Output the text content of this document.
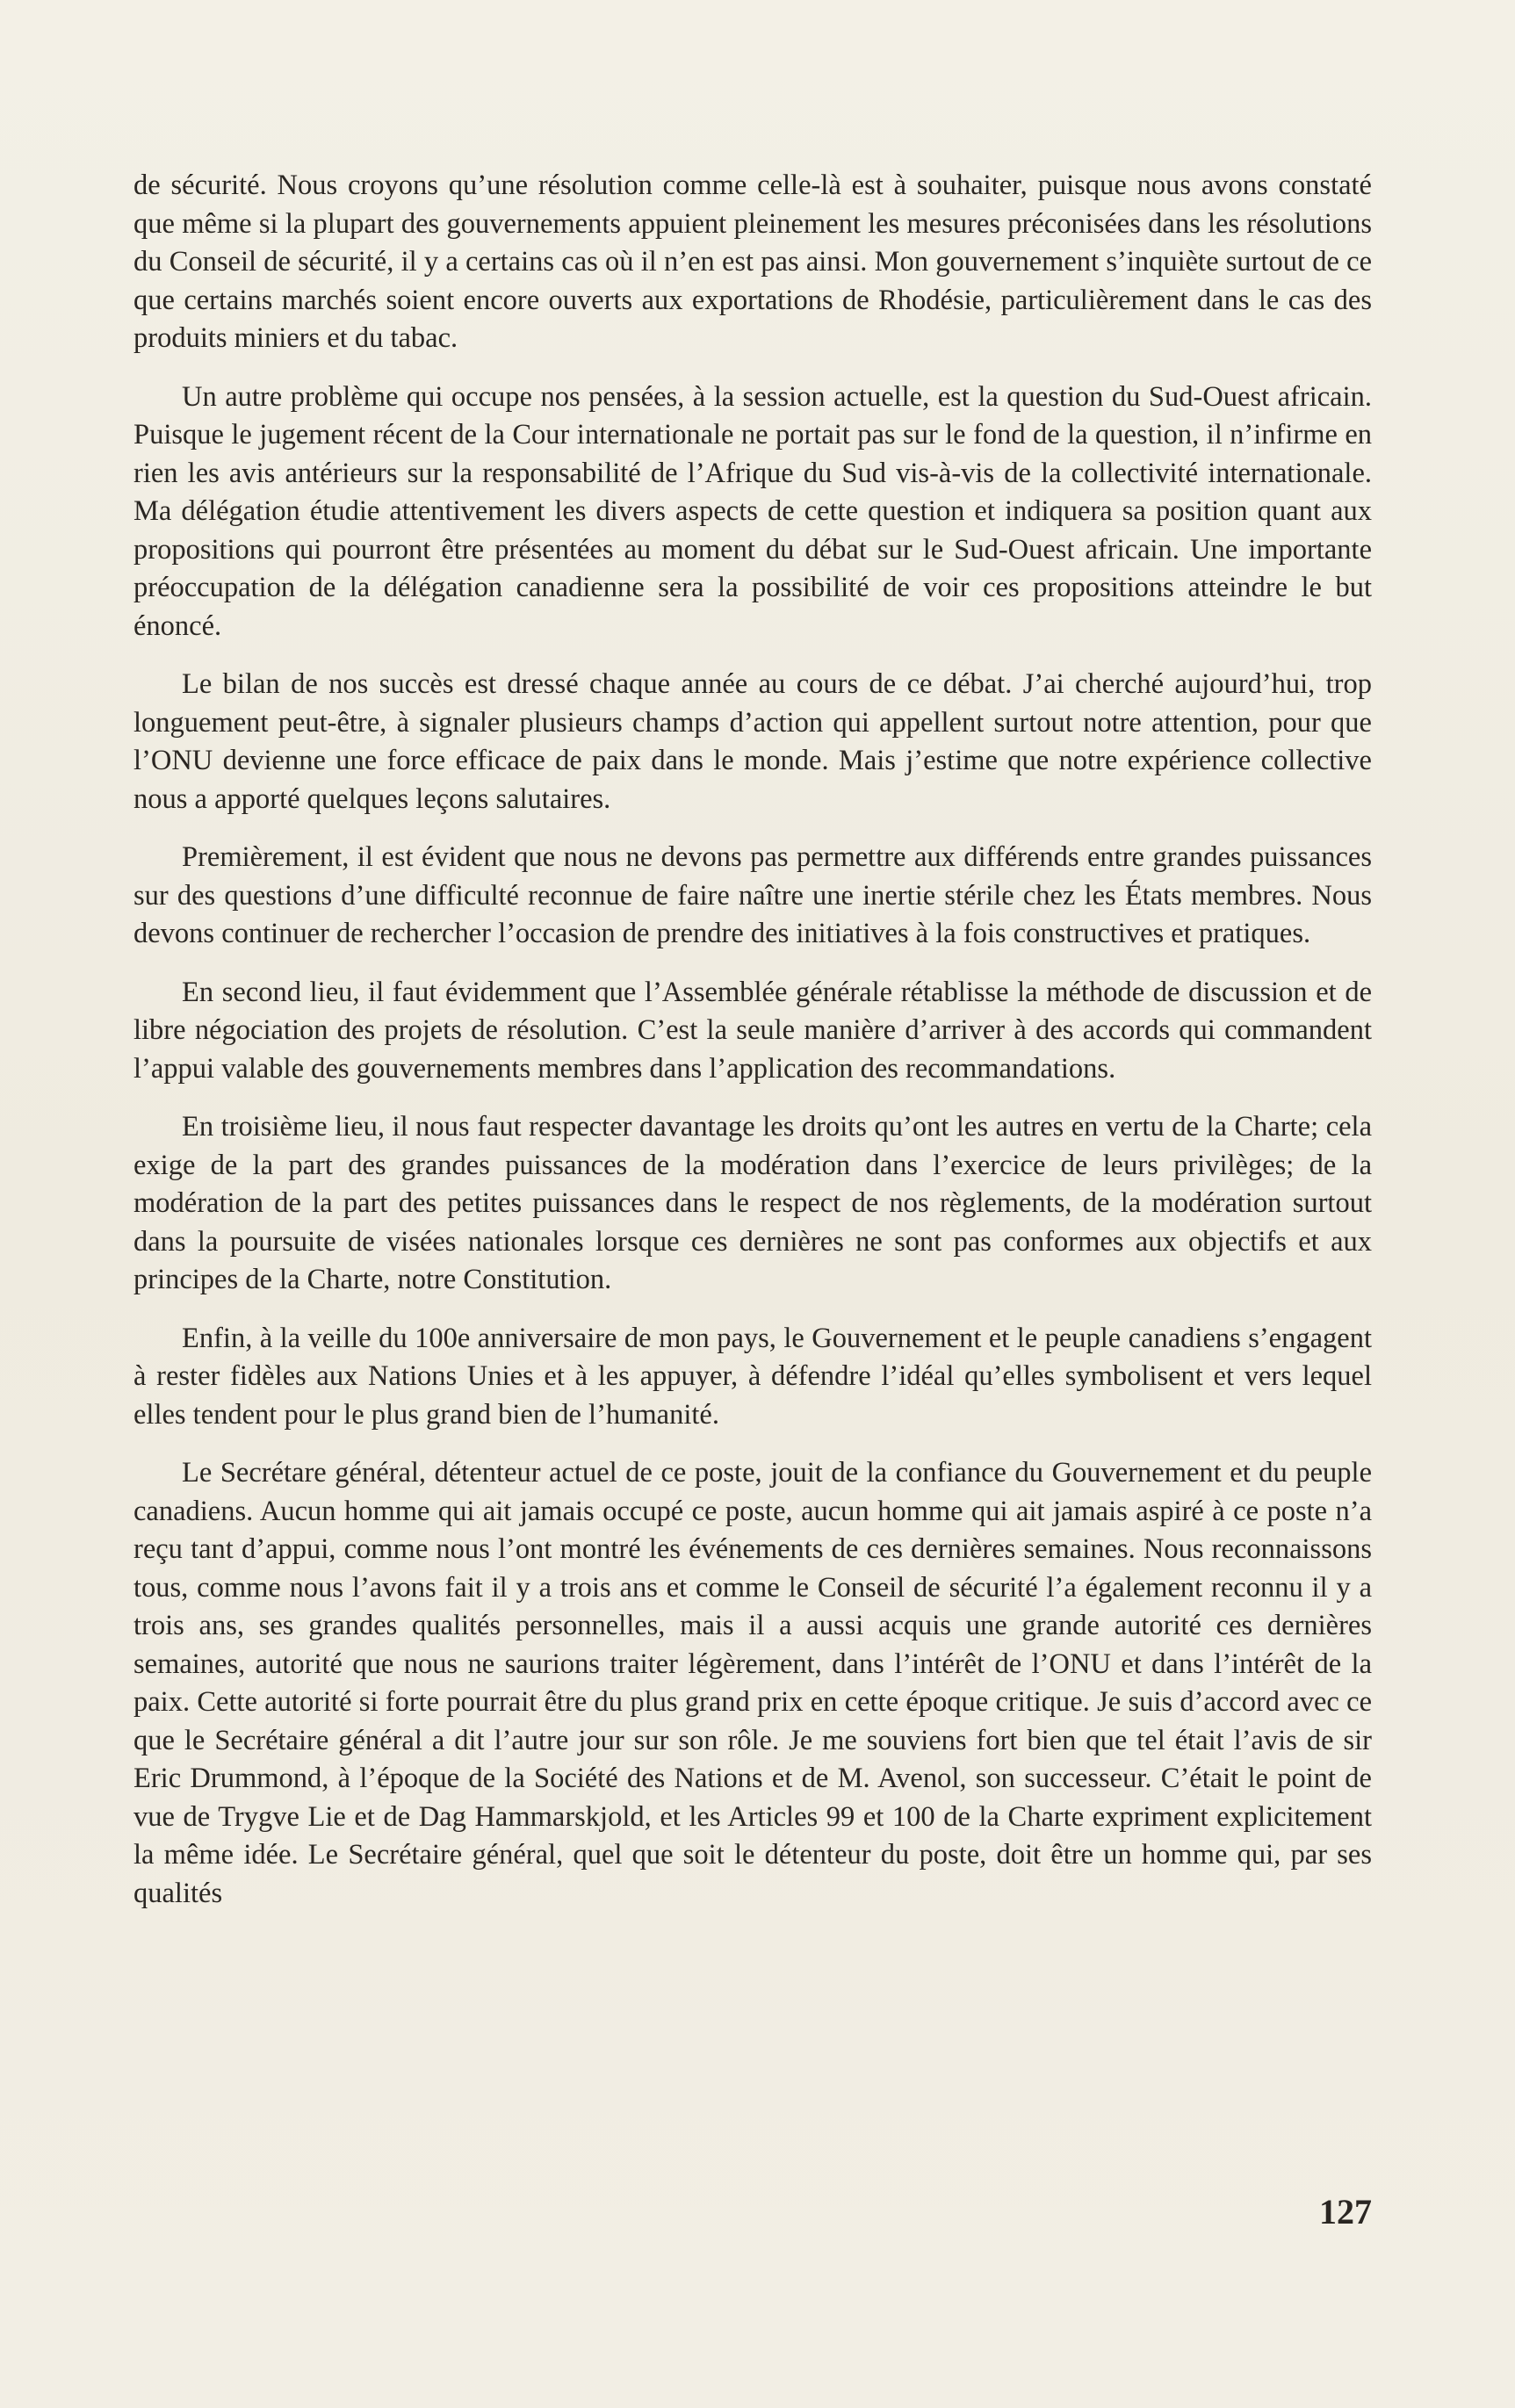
de sécurité. Nous croyons qu’une résolution comme celle-là est à souhaiter, puisque nous avons constaté que même si la plupart des gouvernements appuient pleinement les mesures préconisées dans les résolutions du Conseil de sécurité, il y a certains cas où il n’en est pas ainsi. Mon gouvernement s’inquiète surtout de ce que certains marchés soient encore ouverts aux exportations de Rhodésie, particulièrement dans le cas des produits miniers et du tabac.

Un autre problème qui occupe nos pensées, à la session actuelle, est la question du Sud-Ouest africain. Puisque le jugement récent de la Cour internationale ne portait pas sur le fond de la question, il n’infirme en rien les avis antérieurs sur la responsabilité de l’Afrique du Sud vis-à-vis de la collectivité internationale. Ma délégation étudie attentivement les divers aspects de cette question et indiquera sa position quant aux propositions qui pourront être présentées au moment du débat sur le Sud-Ouest africain. Une importante préoccupation de la délégation canadienne sera la possibilité de voir ces propositions atteindre le but énoncé.

Le bilan de nos succès est dressé chaque année au cours de ce débat. J’ai cherché aujourd’hui, trop longuement peut-être, à signaler plusieurs champs d’action qui appellent surtout notre attention, pour que l’ONU devienne une force efficace de paix dans le monde. Mais j’estime que notre expérience collective nous a apporté quelques leçons salutaires.

Premièrement, il est évident que nous ne devons pas permettre aux différends entre grandes puissances sur des questions d’une difficulté reconnue de faire naître une inertie stérile chez les États membres. Nous devons continuer de rechercher l’occasion de prendre des initiatives à la fois constructives et pratiques.

En second lieu, il faut évidemment que l’Assemblée générale rétablisse la méthode de discussion et de libre négociation des projets de résolution. C’est la seule manière d’arriver à des accords qui commandent l’appui valable des gouvernements membres dans l’application des recommandations.

En troisième lieu, il nous faut respecter davantage les droits qu’ont les autres en vertu de la Charte; cela exige de la part des grandes puissances de la modération dans l’exercice de leurs privilèges; de la modération de la part des petites puissances dans le respect de nos règlements, de la modération surtout dans la poursuite de visées nationales lorsque ces dernières ne sont pas conformes aux objectifs et aux principes de la Charte, notre Constitution.

Enfin, à la veille du 100e anniversaire de mon pays, le Gouvernement et le peuple canadiens s’engagent à rester fidèles aux Nations Unies et à les appuyer, à défendre l’idéal qu’elles symbolisent et vers lequel elles tendent pour le plus grand bien de l’humanité.

Le Secrétare général, détenteur actuel de ce poste, jouit de la confiance du Gouvernement et du peuple canadiens. Aucun homme qui ait jamais occupé ce poste, aucun homme qui ait jamais aspiré à ce poste n’a reçu tant d’appui, comme nous l’ont montré les événements de ces dernières semaines. Nous reconnaissons tous, comme nous l’avons fait il y a trois ans et comme le Conseil de sécurité l’a également reconnu il y a trois ans, ses grandes qualités personnelles, mais il a aussi acquis une grande autorité ces dernières semaines, autorité que nous ne saurions traiter légèrement, dans l’intérêt de l’ONU et dans l’intérêt de la paix. Cette autorité si forte pourrait être du plus grand prix en cette époque critique. Je suis d’accord avec ce que le Secrétaire général a dit l’autre jour sur son rôle. Je me souviens fort bien que tel était l’avis de sir Eric Drummond, à l’époque de la Société des Nations et de M. Avenol, son successeur. C’était le point de vue de Trygve Lie et de Dag Hammarskjold, et les Articles 99 et 100 de la Charte expriment explicitement la même idée. Le Secrétaire général, quel que soit le détenteur du poste, doit être un homme qui, par ses qualités

127
